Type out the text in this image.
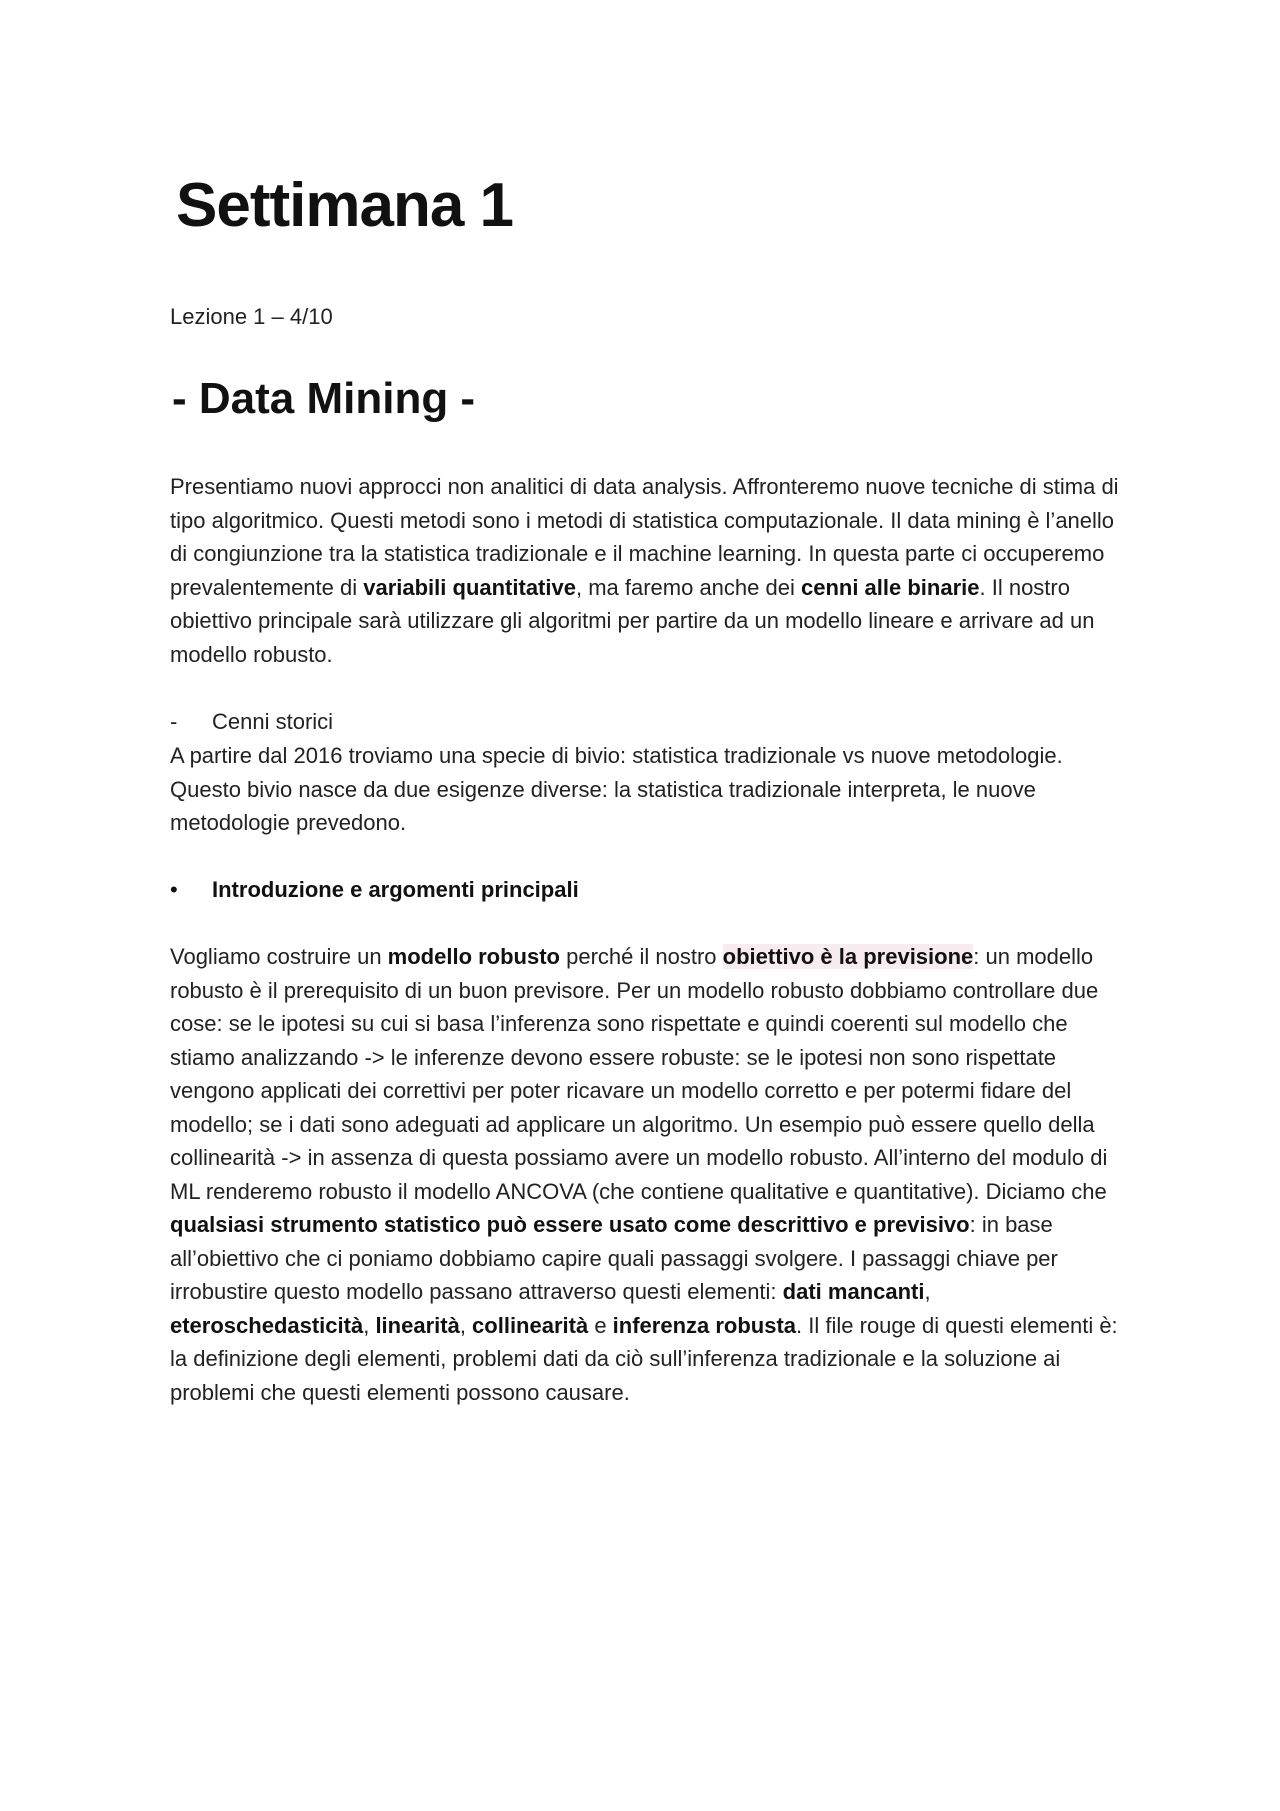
Settimana 1

Lezione 1 – 4/10

- Data Mining -

Presentiamo nuovi approcci non analitici di data analysis. Affronteremo nuove tecniche di stima di tipo algoritmico. Questi metodi sono i metodi di statistica computazionale. Il data mining è l’anello di congiunzione tra la statistica tradizionale e il machine learning. In questa parte ci occuperemo prevalentemente di variabili quantitative, ma faremo anche dei cenni alle binarie. Il nostro obiettivo principale sarà utilizzare gli algoritmi per partire da un modello lineare e arrivare ad un modello robusto.

- Cenni storici

A partire dal 2016 troviamo una specie di bivio: statistica tradizionale vs nuove metodologie. Questo bivio nasce da due esigenze diverse: la statistica tradizionale interpreta, le nuove metodologie prevedono.

• Introduzione e argomenti principali

Vogliamo costruire un modello robusto perché il nostro obiettivo è la previsione: un modello robusto è il prerequisito di un buon previsore. Per un modello robusto dobbiamo controllare due cose: se le ipotesi su cui si basa l’inferenza sono rispettate e quindi coerenti sul modello che stiamo analizzando -> le inferenze devono essere robuste: se le ipotesi non sono rispettate vengono applicati dei correttivi per poter ricavare un modello corretto e per potermi fidare del modello; se i dati sono adeguati ad applicare un algoritmo. Un esempio può essere quello della collinearità -> in assenza di questa possiamo avere un modello robusto. All’interno del modulo di ML renderemo robusto il modello ANCOVA (che contiene qualitative e quantitative). Diciamo che qualsiasi strumento statistico può essere usato come descrittivo e previsivo: in base all’obiettivo che ci poniamo dobbiamo capire quali passaggi svolgere. I passaggi chiave per irrobustire questo modello passano attraverso questi elementi: dati mancanti, eteroschedasticità, linearità, collinearità e inferenza robusta. Il file rouge di questi elementi è: la definizione degli elementi, problemi dati da ciò sull’inferenza tradizionale e la soluzione ai problemi che questi elementi possono causare.
